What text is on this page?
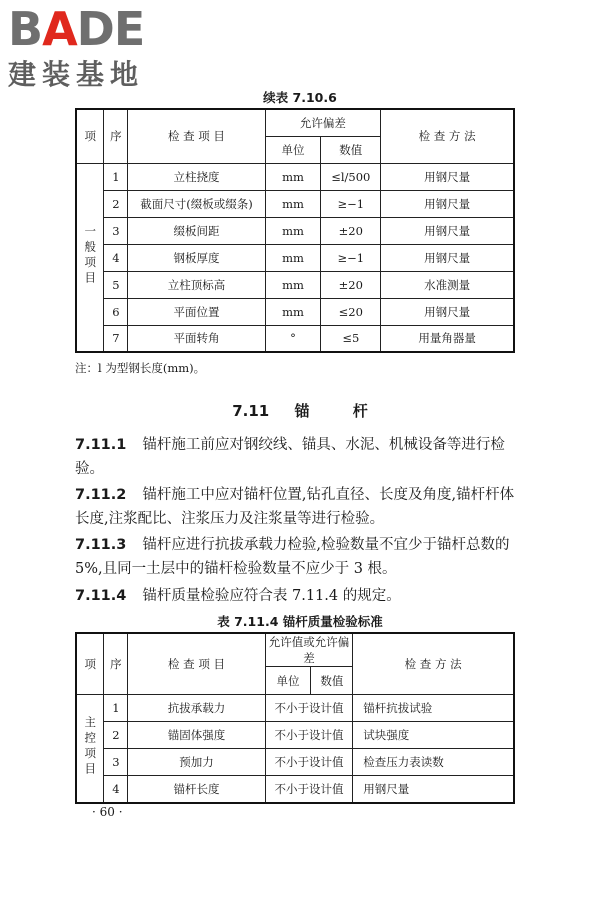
BADE
建装基地
续表 7.10.6
项	序	检 查 项 目	允许偏差		检 查 方 法
			单位	数值	
一般项目	1	立柱挠度	mm	≤l/500	用钢尺量
	2	截面尺寸(缀板或缀条)	mm	≥−1	用钢尺量
	3	缀板间距	mm	±20	用钢尺量
	4	钢板厚度	mm	≥−1	用钢尺量
	5	立柱顶标高	mm	±20	水准测量
	6	平面位置	mm	≤20	用钢尺量
	7	平面转角	°	≤5	用量角器量
注：l 为型钢长度(mm)。
7.11 锚	杆
7.11.1 锚杆施工前应对钢绞线、锚具、水泥、机械设备等进行检验。
7.11.2 锚杆施工中应对锚杆位置,钻孔直径、长度及角度,锚杆杆体长度,注浆配比、注浆压力及注浆量等进行检验。
7.11.3 锚杆应进行抗拔承载力检验,检验数量不宜少于锚杆总数的 5%,且同一土层中的锚杆检验数量不应少于 3 根。
7.11.4 锚杆质量检验应符合表 7.11.4 的规定。
表 7.11.4 锚杆质量检验标准
项	序	检 查 项 目	允许值或允许偏差		检 查 方 法
			单位	数值	
主控项目	1	抗拔承载力	不小于设计值		锚杆抗拔试验
	2	锚固体强度	不小于设计值		试块强度
	3	预加力	不小于设计值		检查压力表读数
	4	锚杆长度	不小于设计值		用钢尺量
· 60 ·
